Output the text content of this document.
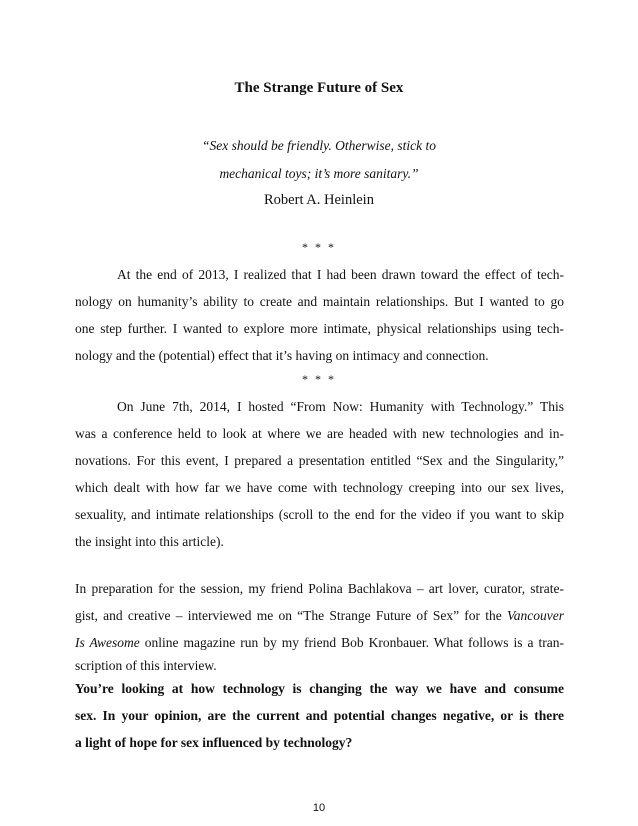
The Strange Future of Sex
“Sex should be friendly. Otherwise, stick to
mechanical toys; it’s more sanitary.”
Robert A. Heinlein
* * *
At the end of 2013, I realized that I had been drawn toward the effect of tech-
nology on humanity’s ability to create and maintain relationships. But I wanted to go
one step further. I wanted to explore more intimate, physical relationships using tech-
nology and the (potential) effect that it’s having on intimacy and connection.
* * *
On June 7th, 2014, I hosted “From Now: Humanity with Technology.” This
was a conference held to look at where we are headed with new technologies and in-
novations. For this event, I prepared a presentation entitled “Sex and the Singularity,”
which dealt with how far we have come with technology creeping into our sex lives,
sexuality, and intimate relationships (scroll to the end for the video if you want to skip
the insight into this article).
In preparation for the session, my friend Polina Bachlakova – art lover, curator, strate-
gist, and creative – interviewed me on “The Strange Future of Sex” for the Vancouver
Is Awesome online magazine run by my friend Bob Kronbauer. What follows is a tran-
scription of this interview.
You’re looking at how technology is changing the way we have and consume
sex. In your opinion, are the current and potential changes negative, or is there
a light of hope for sex influenced by technology?
10
